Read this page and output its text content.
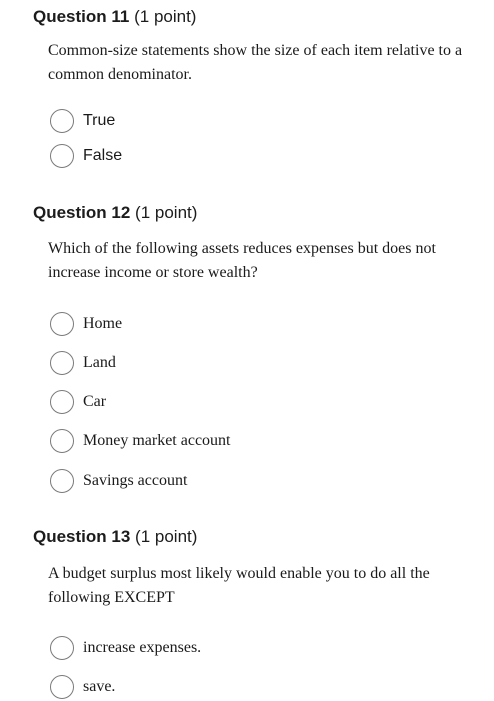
Question 11 (1 point)
Common-size statements show the size of each item relative to a common denominator.
True
False
Question 12 (1 point)
Which of the following assets reduces expenses but does not increase income or store wealth?
Home
Land
Car
Money market account
Savings account
Question 13 (1 point)
A budget surplus most likely would enable you to do all the following EXCEPT
increase expenses.
save.
